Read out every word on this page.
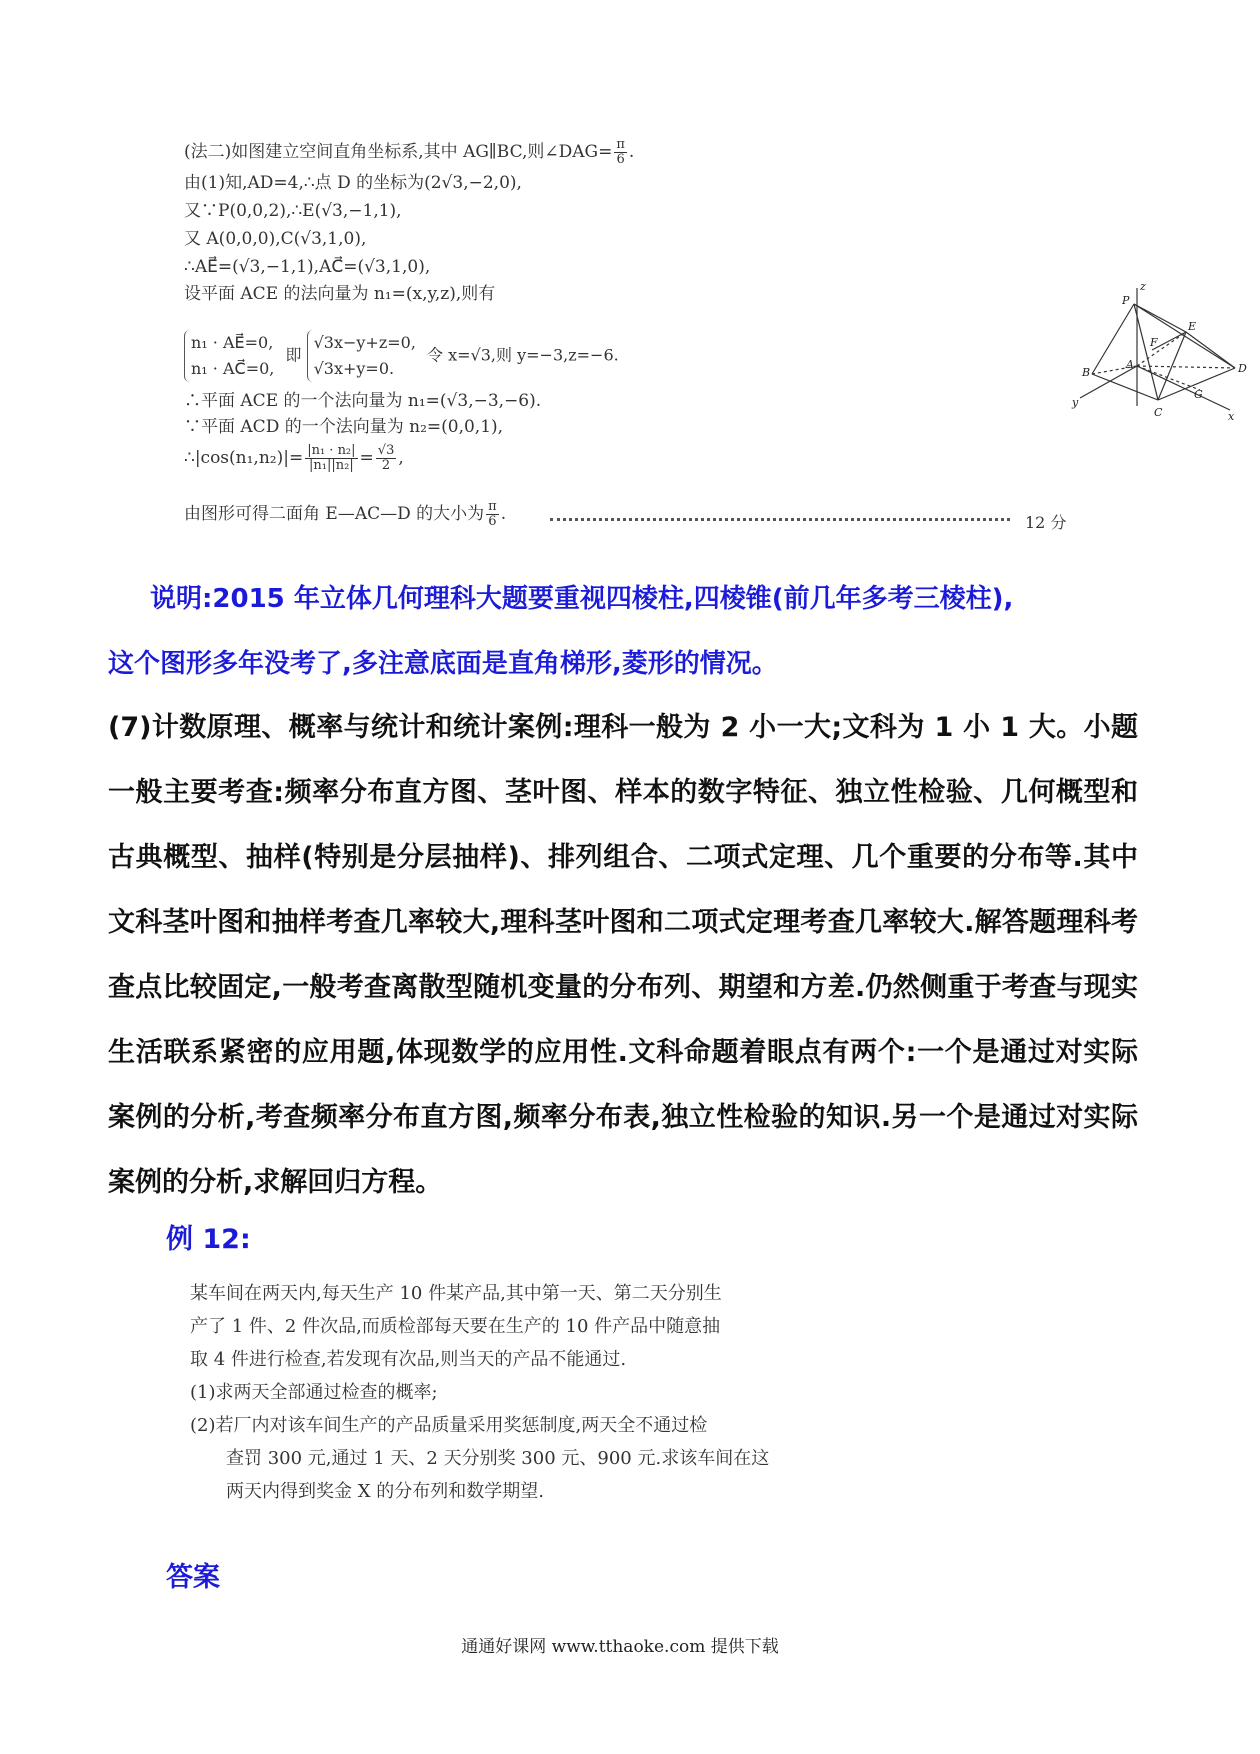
(法二)如图建立空间直角坐标系,其中 AG∥BC,则∠DAG= $\frac{\pi}{6}$ .
由(1)知,AD=4,∴点 D 的坐标为(2√3,−2,0),
又∵P(0,0,2),∴E(√3,−1,1),
又 A(0,0,0),C(√3,1,0),
∴AE⃗=(√3,−1,1),AC⃗=(√3,1,0),
设平面 ACE 的法向量为 n₁=(x,y,z),则有
n₁ · AE⃗=0,
n₁ · AC⃗=0, 即 √3x−y+z=0,
√3x+y=0. 令 x=√3,则 y=−3,z=−6.
∴平面 ACE 的一个法向量为 n₁=(√3,−3,−6).
∵平面 ACD 的一个法向量为 n₂=(0,0,1),
∴|cos(n₁,n₂)|= $\frac{\text{|n₁ · n₂|}}{\text{|n₁||n₂|}} = \frac{√3}{2}$ ,
由图形可得二面角 E—AC—D 的大小为 $\frac{\pi}{6}$ .	12 分
z
P
E
F
A	D
B
G
y
C	x
说明:2015 年立体几何理科大题要重视四棱柱,四棱锥(前几年多考三棱柱),
这个图形多年没考了,多注意底面是直角梯形,菱形的情况。
(7)计数原理、概率与统计和统计案例:理科一般为 2 小一大;文科为 1 小 1 大。小题一般主要考查:频率分布直方图、茎叶图、样本的数字特征、独立性检验、几何概型和古典概型、抽样(特别是分层抽样)、排列组合、二项式定理、几个重要的分布等.其中文科茎叶图和抽样考查几率较大,理科茎叶图和二项式定理考查几率较大.解答题理科考查点比较固定,一般考查离散型随机变量的分布列、期望和方差.仍然侧重于考查与现实生活联系紧密的应用题,体现数学的应用性.文科命题着眼点有两个:一个是通过对实际案例的分析,考查频率分布直方图,频率分布表,独立性检验的知识.另一个是通过对实际案例的分析,求解回归方程。
例 12:
某车间在两天内,每天生产 10 件某产品,其中第一天、第二天分别生
产了 1 件、2 件次品,而质检部每天要在生产的 10 件产品中随意抽
取 4 件进行检查,若发现有次品,则当天的产品不能通过.
(1)求两天全部通过检查的概率;
(2)若厂内对该车间生产的产品质量采用奖惩制度,两天全不通过检
查罚 300 元,通过 1 天、2 天分别奖 300 元、900 元.求该车间在这
两天内得到奖金 X 的分布列和数学期望.
答案
通通好课网 www.tthaoke.com 提供下载
